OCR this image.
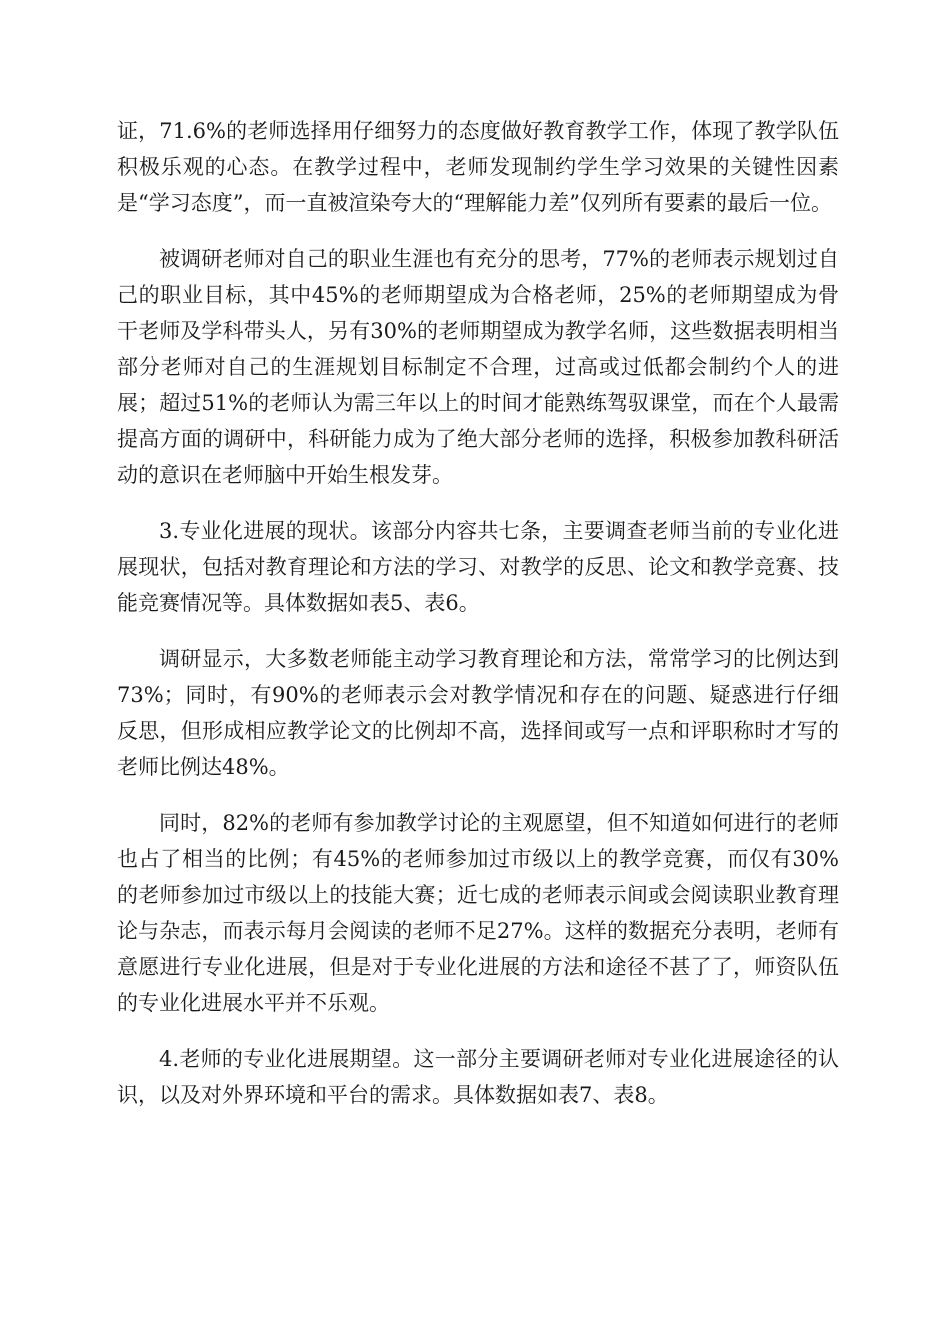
证，71.6%的老师选择用仔细努力的态度做好教育教学工作，体现了教学队伍积极乐观的心态。在教学过程中，老师发现制约学生学习效果的关键性因素是“学习态度”，而一直被渲染夸大的“理解能力差”仅列所有要素的最后一位。

被调研老师对自己的职业生涯也有充分的思考，77%的老师表示规划过自己的职业目标，其中45%的老师期望成为合格老师，25%的老师期望成为骨干老师及学科带头人，另有30%的老师期望成为教学名师，这些数据表明相当部分老师对自己的生涯规划目标制定不合理，过高或过低都会制约个人的进展；超过51%的老师认为需三年以上的时间才能熟练驾驭课堂，而在个人最需提高方面的调研中，科研能力成为了绝大部分老师的选择，积极参加教科研活动的意识在老师脑中开始生根发芽。

3.专业化进展的现状。该部分内容共七条，主要调查老师当前的专业化进展现状，包括对教育理论和方法的学习、对教学的反思、论文和教学竞赛、技能竞赛情况等。具体数据如表5、表6。

调研显示，大多数老师能主动学习教育理论和方法，常常学习的比例达到73%；同时，有90%的老师表示会对教学情况和存在的问题、疑惑进行仔细反思，但形成相应教学论文的比例却不高，选择间或写一点和评职称时才写的老师比例达48%。

同时，82%的老师有参加教学讨论的主观愿望，但不知道如何进行的老师也占了相当的比例；有45%的老师参加过市级以上的教学竞赛，而仅有30%的老师参加过市级以上的技能大赛；近七成的老师表示间或会阅读职业教育理论与杂志，而表示每月会阅读的老师不足27%。这样的数据充分表明，老师有意愿进行专业化进展，但是对于专业化进展的方法和途径不甚了了，师资队伍的专业化进展水平并不乐观。

4.老师的专业化进展期望。这一部分主要调研老师对专业化进展途径的认识，以及对外界环境和平台的需求。具体数据如表7、表8。
